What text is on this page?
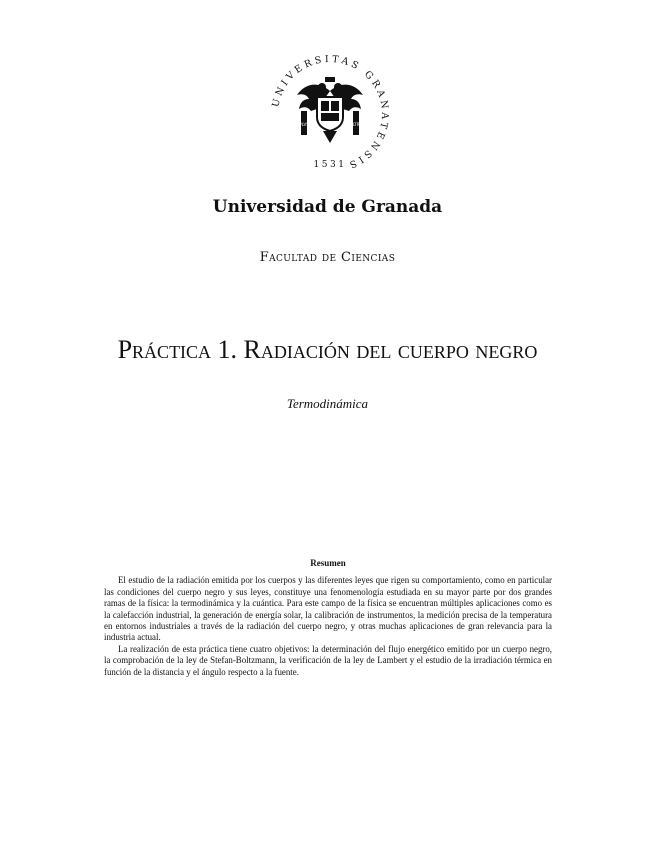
UNIVERSITAS GRANATENSIS
PLVS	VLTRA
1531
Universidad de Granada
Facultad de Ciencias
Práctica 1. Radiación del cuerpo negro
Termodinámica
Resumen

El estudio de la radiación emitida por los cuerpos y las diferentes leyes que rigen su comportamiento, como en particular las condiciones del cuerpo negro y sus leyes, constituye una fenomenología estudiada en su mayor parte por dos grandes ramas de la física: la termodinámica y la cuántica. Para este campo de la física se encuentran múltiples aplicaciones como es la calefacción industrial, la generación de energía solar, la calibración de instrumentos, la medición precisa de la temperatura en entornos industriales a través de la radiación del cuerpo negro, y otras muchas aplicaciones de gran relevancia para la industria actual.

La realización de esta práctica tiene cuatro objetivos: la determinación del flujo energético emitido por un cuerpo negro, la comprobación de la ley de Stefan-Boltzmann, la verificación de la ley de Lambert y el estudio de la irradiación térmica en función de la distancia y el ángulo respecto a la fuente.
